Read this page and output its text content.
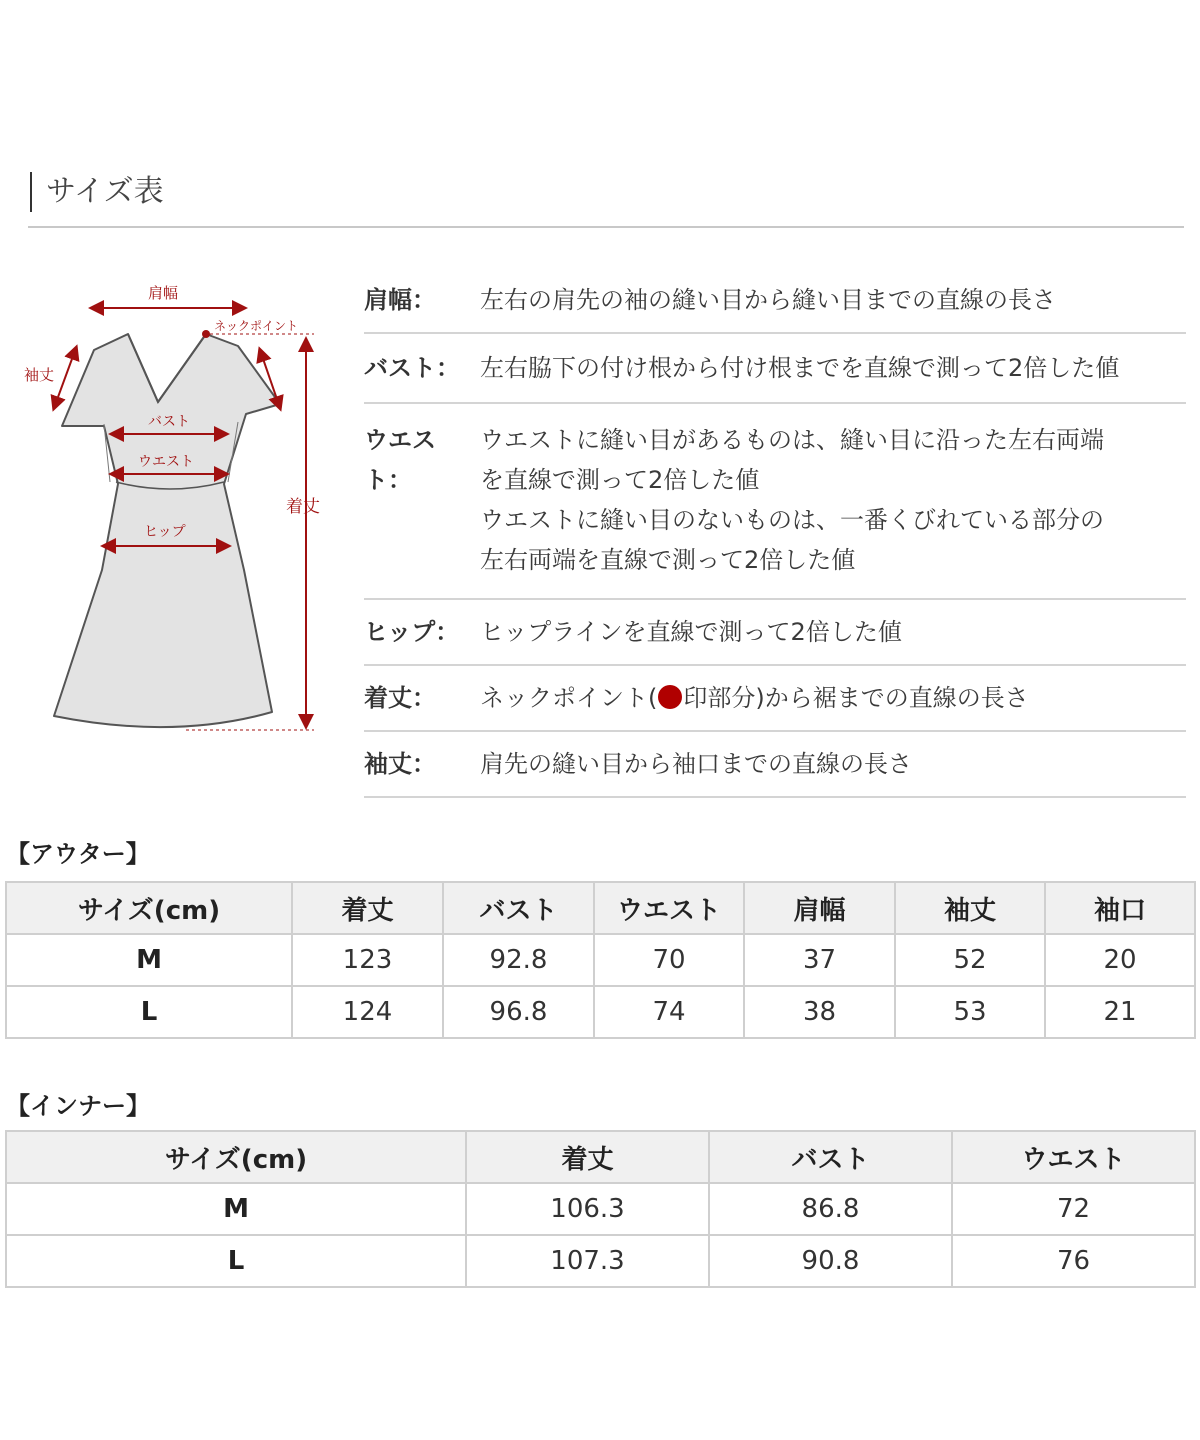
サイズ表
肩幅
ネックポイント
着丈
袖丈
バスト
ウエスト
ヒップ
肩幅：	左右の肩先の袖の縫い目から縫い目までの直線の長さ
バスト： 左右脇下の付け根から付け根までを直線で測って2倍した値
ウエスト：
ウエストに縫い目があるものは、縫い目に沿った左右両端
を直線で測って2倍した値
ウエストに縫い目のないものは、一番くびれている部分の
左右両端を直線で測って2倍した値
ヒップ： ヒップラインを直線で測って2倍した値
着丈：	ネックポイント( 印部分)から裾までの直線の長さ
袖丈：	肩先の縫い目から袖口までの直線の長さ
【アウター】
サイズ(cm)	着丈	バスト	ウエスト	肩幅	袖丈	袖口
M	123	92.8	70	37	52	20
L	124	96.8	74	38	53	21
【インナー】
サイズ(cm)	着丈	バスト	ウエスト
M	106.3	86.8	72
L	107.3	90.8	76
